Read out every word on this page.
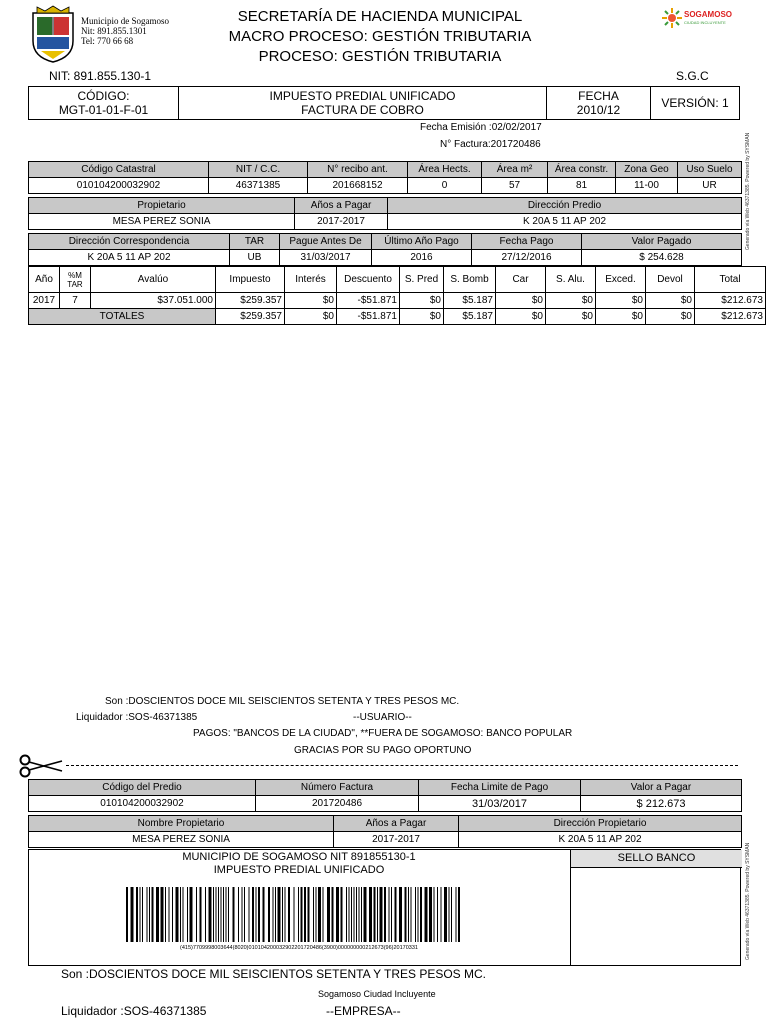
Municipio de Sogamoso
Nit: 891.855.1301
Tel: 770 66 68
SECRETARÍA DE HACIENDA MUNICIPAL
MACRO PROCESO: GESTIÓN TRIBUTARIA
PROCESO: GESTIÓN TRIBUTARIA
SOGAMOSO
CIUDAD INCLUYENTE
NIT: 891.855.130-1	S.G.C
CÓDIGO:
MGT-01-01-F-01
IMPUESTO PREDIAL UNIFICADO
FACTURA DE COBRO
FECHA
2010/12	VERSIÓN: 1
Fecha Emisión :02/02/2017
N° Factura:201720486	Generado vía Web 46371385. Powered by SYSMAN
Código Catastral	NIT / C.C.	N° recibo ant.	Área Hects.	Área m²	Área constr.	Zona Geo	Uso Suelo
010104200032902	46371385	201668152	0	57	81	11-00	UR
Propietario	Años a Pagar	Dirección Predio
MESA PEREZ SONIA	2017-2017	K 20A 5 11 AP 202
Dirección Correspondencia	TAR	Pague Antes De	Último Año Pago	Fecha Pago	Valor Pagado
K 20A 5 11 AP 202	UB	31/03/2017	2016	27/12/2016	$ 254.628
Año	%M TAR	Avalúo	Impuesto	Interés	Descuento	S. Pred	S. Bomb	Car	S. Alu.	Exced.	Devol	Total
2017	7	$37.051.000	$259.357	$0	-$51.871	$0	$5.187	$0	$0	$0	$0	$212.673
TOTALES			$259.357	$0	-$51.871	$0	$5.187	$0	$0	$0	$0	$212.673
Son :DOSCIENTOS DOCE MIL SEISCIENTOS SETENTA Y TRES PESOS MC.
Liquidador :SOS-46371385	--USUARIO--
PAGOS: "BANCOS DE LA CIUDAD", **FUERA DE SOGAMOSO: BANCO POPULAR
GRACIAS POR SU PAGO OPORTUNO
Código del Predio	Número Factura	Fecha Limite de Pago	Valor a Pagar
010104200032902	201720486	31/03/2017	$ 212.673
Nombre Propietario	Años a Pagar	Dirección Propietario
MESA PEREZ SONIA	2017-2017	K 20A 5 11 AP 202
MUNICIPIO DE SOGAMOSO NIT 891855130-1
IMPUESTO PREDIAL UNIFICADO
(415)7709998003644(8020)010104200032902201720486(3900)000000000212673(96)20170331
SELLO BANCO
Son :DOSCIENTOS DOCE MIL SEISCIENTOS SETENTA Y TRES PESOS MC.
Sogamoso Ciudad Incluyente
Liquidador :SOS-46371385	--EMPRESA--
Generado vía Web 46371385. Powered by SYSMAN
